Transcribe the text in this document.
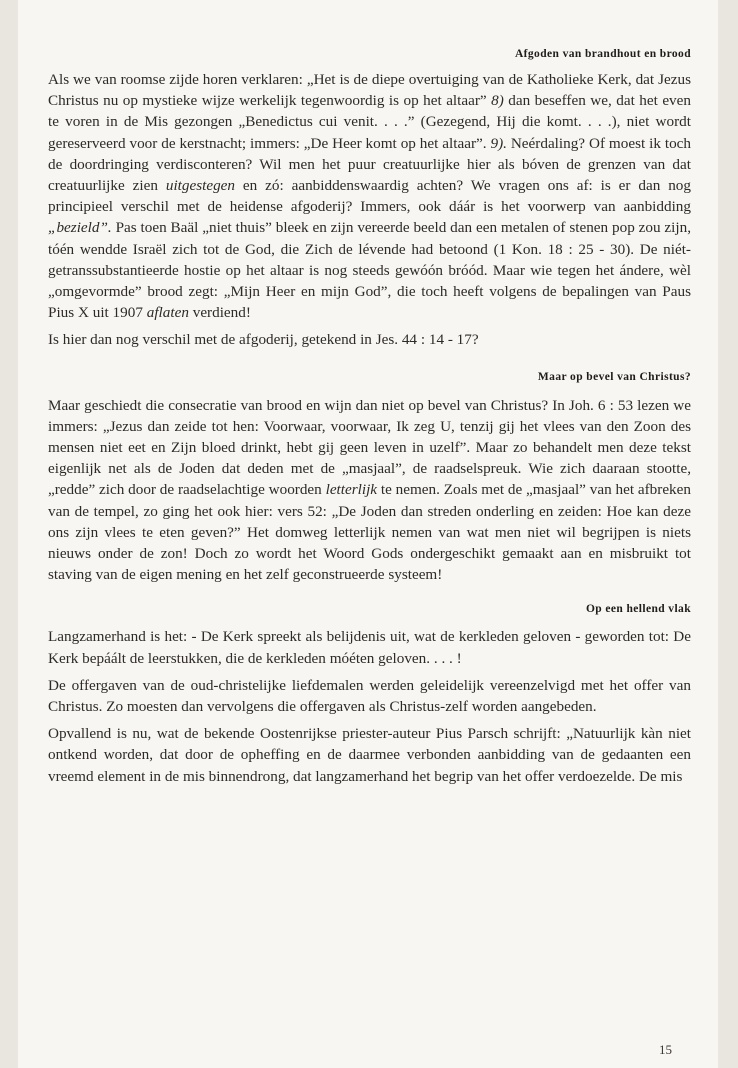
Afgoden van brandhout en brood

Als we van roomse zijde horen verklaren: „Het is de diepe overtuiging van de Katholieke Kerk, dat Jezus Christus nu op mystieke wijze werkelijk tegenwoordig is op het altaar” 8) dan beseffen we, dat het even te voren in de Mis gezongen „Benedictus cui venit. . . .” (Gezegend, Hij die komt. . . .), niet wordt gereserveerd voor de kerstnacht; immers: „De Heer komt op het altaar”. 9). Neérdaling? Of moest ik toch de doordringing verdisconteren? Wil men het puur creatuurlijke hier als bóven de grenzen van dat creatuurlijke zien uitgestegen en zó: aanbiddenswaardig achten? We vragen ons af: is er dan nog principieel verschil met de heidense afgoderij? Immers, ook dáár is het voorwerp van aanbidding „bezield”. Pas toen Baäl „niet thuis” bleek en zijn vereerde beeld dan een metalen of stenen pop zou zijn, tóén wendde Israël zich tot de God, die Zich de lévende had betoond (1 Kon. 18 : 25 - 30). De niét-getranssubstantieerde hostie op het altaar is nog steeds gewóón bróód. Maar wie tegen het ándere, wèl „omgevormde” brood zegt: „Mijn Heer en mijn God”, die toch heeft volgens de bepalingen van Paus Pius X uit 1907 aflaten verdiend!

Is hier dan nog verschil met de afgoderij, getekend in Jes. 44 : 14 - 17?

Maar op bevel van Christus?

Maar geschiedt die consecratie van brood en wijn dan niet op bevel van Christus? In Joh. 6 : 53 lezen we immers: „Jezus dan zeide tot hen: Voorwaar, voorwaar, Ik zeg U, tenzij gij het vlees van den Zoon des mensen niet eet en Zijn bloed drinkt, hebt gij geen leven in uzelf”. Maar zo behandelt men deze tekst eigenlijk net als de Joden dat deden met de „masjaal”, de raadselspreuk. Wie zich daaraan stootte, „redde” zich door de raadselachtige woorden letterlijk te nemen. Zoals met de „masjaal” van het afbreken van de tempel, zo ging het ook hier: vers 52: „De Joden dan streden onderling en zeiden: Hoe kan deze ons zijn vlees te eten geven?” Het domweg letterlijk nemen van wat men niet wil begrijpen is niets nieuws onder de zon! Doch zo wordt het Woord Gods ondergeschikt gemaakt aan en misbruikt tot staving van de eigen mening en het zelf geconstrueerde systeem!

Op een hellend vlak

Langzamerhand is het: - De Kerk spreekt als belijdenis uit, wat de kerkleden geloven - geworden tot: De Kerk bepáált de leerstukken, die de kerkleden móéten geloven. . . . !

De offergaven van de oud-christelijke liefdemalen werden geleidelijk vereenzelvigd met het offer van Christus. Zo moesten dan vervolgens die offergaven als Christus-zelf worden aangebeden.

Opvallend is nu, wat de bekende Oostenrijkse priester-auteur Pius Parsch schrijft: „Natuurlijk kàn niet ontkend worden, dat door de opheffing en de daarmee verbonden aanbidding van de gedaanten een vreemd element in de mis binnendrong, dat langzamerhand het begrip van het offer verdoezelde. De mis

15
